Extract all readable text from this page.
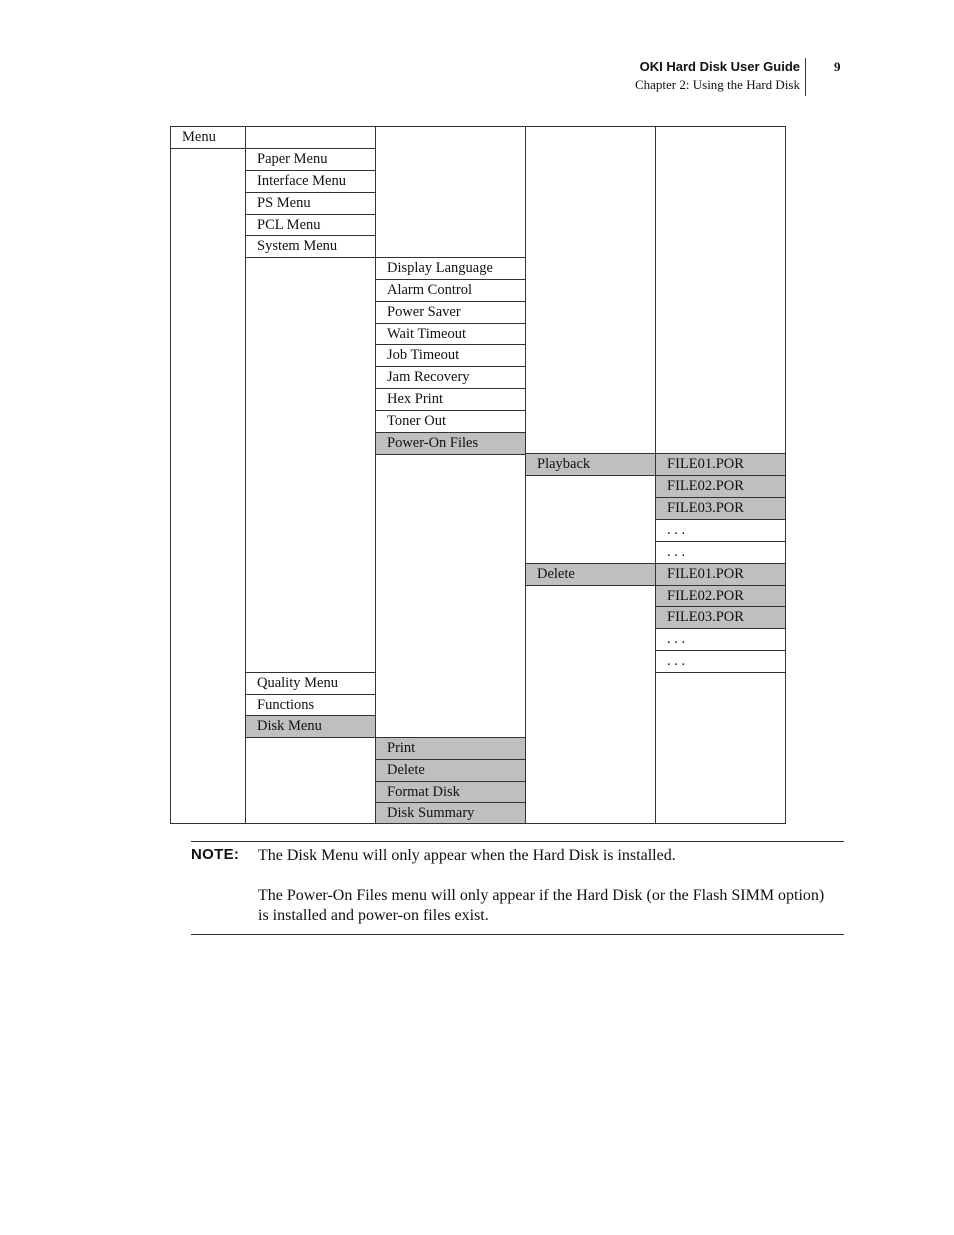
OKI Hard Disk User Guide
Chapter 2: Using the Hard Disk
9
Menu
Paper Menu
Interface Menu
PS Menu
PCL Menu
System Menu
Display Language
Alarm Control
Power Saver
Wait Timeout
Job Timeout
Jam Recovery
Hex Print
Toner Out
Power-On Files
Playback
Delete
FILE01.POR
FILE02.POR
FILE03.POR
. . .
. . .
FILE01.POR
FILE02.POR
FILE03.POR
. . .
. . .
Quality Menu
Functions
Disk Menu
Print
Delete
Format Disk
Disk Summary
NOTE: The Disk Menu will only appear when the Hard Disk is installed.
The Power-On Files menu will only appear if the Hard Disk (or the Flash SIMM option) is installed and power-on files exist.
